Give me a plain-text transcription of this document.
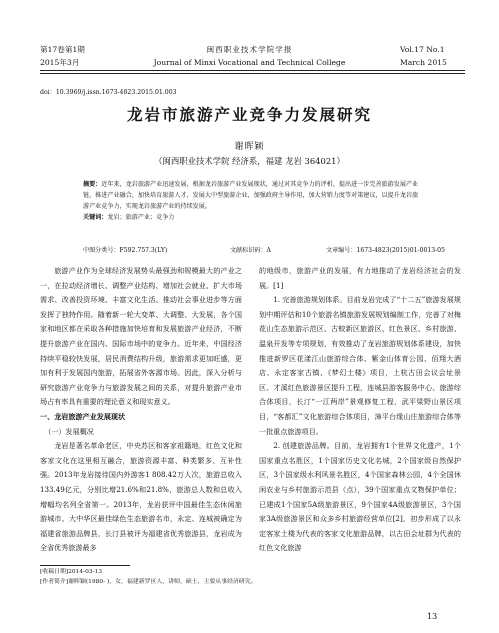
第17卷第1期
2015年3月
闽西职业技术学院学报
Journal of Minxi Vocational and Technical College
Vol.17 No.1
March 2015
doi：10.3969/j.issn.1673-4823.2015.01.003
龙岩市旅游产业竞争力发展研究
谢晖颖
（闽西职业技术学院 经济系，福建 龙岩 364021）
摘要：近年来，龙岩旅游产业迅速发展，根据龙岩旅游产业发展现状，通过对其竞争力的评析，提出进一步完善旅游发展产业链，推进产业融合，加快培育旅游人才，发展大中型旅游企业，加强政府主导作用，加大营销力度等对策建议，以提升龙岩旅游产业竞争力，实现龙岩旅游产业的持续发展。
关键词：龙岩；旅游产业；竞争力
中图分类号：F592.757.3(LY)	文献标识码：A	文章编号：1673-4823(2015)01-0013-05

旅游产业作为全球经济发展势头最强劲和规模最大的产业之一，在拉动经济增长、调整产业结构、增加社会就业、扩大市场需求、改善投资环境、丰富文化生活、推动社会事业进步等方面发挥了独特作用。随着新一轮大变革、大调整、大发展，各个国家和地区都在采取各种措施加快培育和发展旅游产业经济，不断提升旅游产业在国内、国际市场中的竞争力。近年来，中国经济持续平稳较快发展，居民消费结构升级，旅游需求更加旺盛，更加有利于发展国内旅游，拓展省外客源市场。因此，深入分析与研究旅游产业竞争力与旅游发展之间的关系，对提升旅游产业市场占有率具有重要的理论意义和现实意义。

一、龙岩旅游产业发展现状

（一）发展概况

龙岩是著名革命老区，中央苏区和客家祖籍地，红色文化和客家文化在这里相互融合，旅游资源丰富、种类繁多、互补性强。2013年龙岩接待国内外游客1 808.42万人次，旅游总收入133.49亿元，分别比增21.6%和21.8%，旅游总人数和总收入增幅均名列全省第一。2013年，龙岩获评中国最佳生态休闲旅游城市、大中华区最佳绿色生态旅游名市，永定、连城被确定为福建省旅游品牌县，长汀县被评为福建省优秀旅游县，龙岩成为全省优秀旅游最多

的地级市，旅游产业的发展，有力地推动了龙岩经济社会的发展。[1]

1. 完善旅游规划体系。目前龙岩完成了“十二五”旅游发展规划中期评估和10个旅游名镇旅游发展规划编制工作，完善了对梅花山生态旅游示范区、古蛟新区旅游区、红色景区、乡村旅游、温泉开发等专项规划，有效推动了龙岩旅游规划体系建设，加快推进新罗区花漾江山旅游综合体、紫金山体育公园、佰翔大酒店、永定客家古镇、《梦幻土楼》项目，上杭古田会议会址景区、才溪红色旅游景区提升工程，连城县游客服务中心、旅游综合体项目，长汀“一江两岸”景观修复工程，武平梁野山景区项目，“客都汇”文化旅游综合体项目，漳平台缘山庄旅游综合体等一批重点旅游项目。

2. 创建旅游品牌。目前，龙岩拥有1个世界文化遗产，1个国家重点名胜区，1个国家历史文化名城，2个国家级自然保护区，3个国家级水利风景名胜区，4个国家森林公园，4个全国休闲农业与乡村旅游示范县（点），39个国家重点文物保护单位；已建成1个国家5A级旅游景区，9个国家4A级旅游景区，3个国家3A级旅游景区和众多乡村旅游经营单位[2]，初步形成了以永定客家土楼为代表的客家文化旅游品牌，以古田会址群为代表的红色文化旅游

[收稿日期]2014-03-13
[作者简介]谢晖颖(1980- )，女，福建新罗区人，讲师，硕士，主要从事经济研究。
13
